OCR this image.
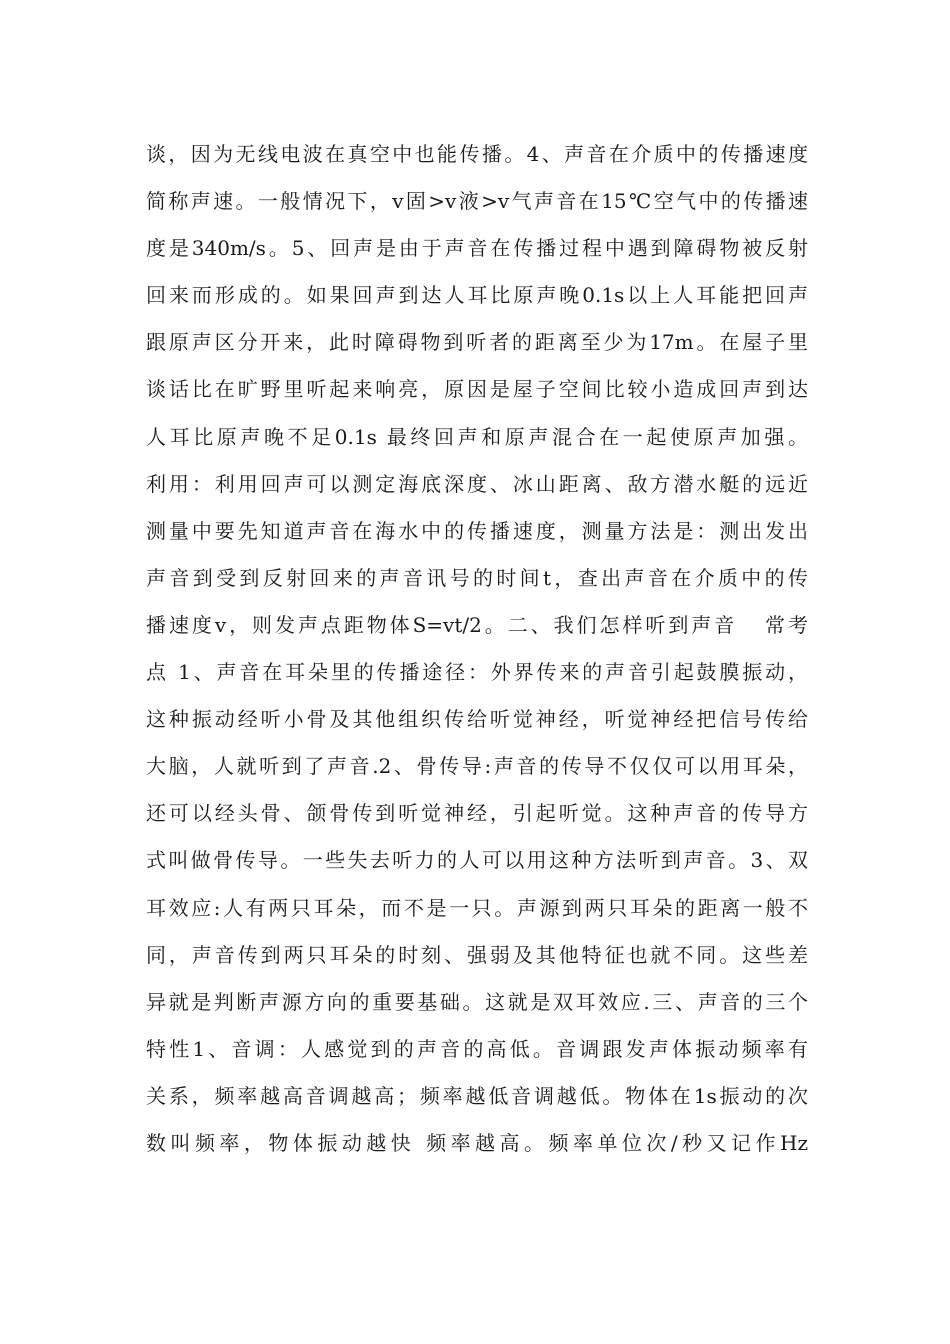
谈，因为无线电波在真空中也能传播。4、声音在介质中的传播速度
简称声速。一般情况下，v固>v液>v气声音在15℃空气中的传播速
度是340m/s。5、回声是由于声音在传播过程中遇到障碍物被反射
回来而形成的。如果回声到达人耳比原声晚0.1s以上人耳能把回声
跟原声区分开来，此时障碍物到听者的距离至少为17m。在屋子里
谈话比在旷野里听起来响亮，原因是屋子空间比较小造成回声到达
人耳比原声晚不足0.1s 最终回声和原声混合在一起使原声加强。
利用：利用回声可以测定海底深度、冰山距离、敌方潜水艇的远近
测量中要先知道声音在海水中的传播速度，测量方法是：测出发出
声音到受到反射回来的声音讯号的时间t，查出声音在介质中的传
播速度v，则发声点距物体S=vt/2。二、我们怎样听到声音   常考
点 1、声音在耳朵里的传播途径：外界传来的声音引起鼓膜振动，
这种振动经听小骨及其他组织传给听觉神经，听觉神经把信号传给
大脑，人就听到了声音.2、骨传导:声音的传导不仅仅可以用耳朵，
还可以经头骨、颌骨传到听觉神经，引起听觉。这种声音的传导方
式叫做骨传导。一些失去听力的人可以用这种方法听到声音。3、双
耳效应:人有两只耳朵，而不是一只。声源到两只耳朵的距离一般不
同，声音传到两只耳朵的时刻、强弱及其他特征也就不同。这些差
异就是判断声源方向的重要基础。这就是双耳效应.三、声音的三个
特性1、音调：人感觉到的声音的高低。音调跟发声体振动频率有
关系，频率越高音调越高；频率越低音调越低。物体在1s振动的次
数叫频率，物体振动越快 频率越高。频率单位次/秒又记作Hz
